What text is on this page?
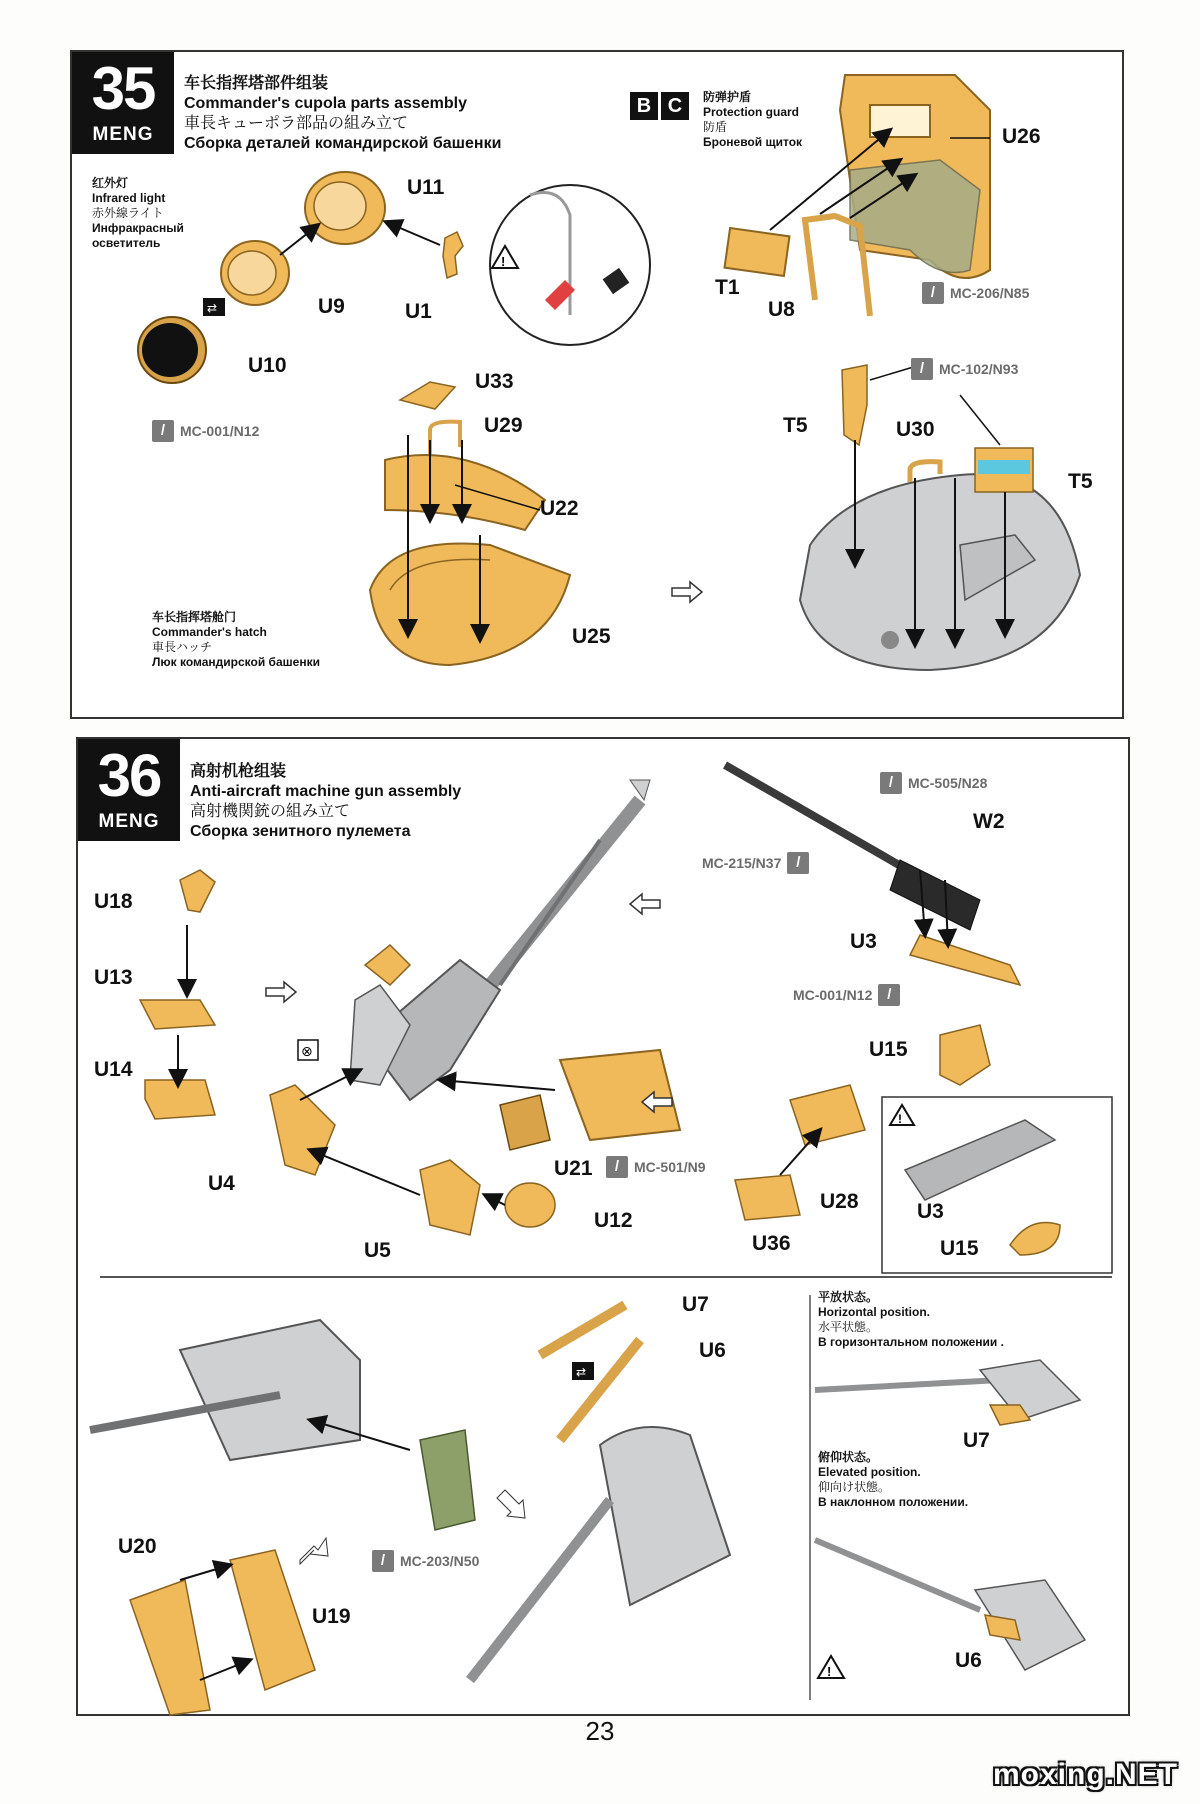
35
MENG
车长指挥塔部件组装
Commander's cupola parts assembly
車長キューポラ部品の組み立て
Сборка деталей командирской башенки
红外灯
Infrared light
赤外線ライト
Инфракрасный
осветитель
B C	防弹护盾
Protection guard
防盾
Броневой щиток
车长指挥塔舱门
Commander's hatch
車長ハッチ
Люк командирской башенки
⇄
!
U11
U9
U10
U1
U26
T1
U8
U33
U29
U22
U25
T5	U30
T5
/	MC-001/N12
/	MC-206/N85
/	MC-102/N93
36
MENG
高射机枪组装
Anti-aircraft machine gun assembly
高射機関銃の組み立て
Сборка зенитного пулемета
⊗
!
⇄
!
U18
U13
U14
U4
U5
U21
U12
W2
U3
U15
U28
U36
U3
U15
U7
U6
U20
U19
U7
U6
/	MC-505/N28
MC-215/N37 /
MC-001/N12 /
/	MC-501/N9
/	MC-203/N50
平放状态。
Horizontal position.
水平状態。
В горизонтальном положении .
俯仰状态。
Elevated position.
仰向け状態。
В наклонном положении.
23
moxing.NET
